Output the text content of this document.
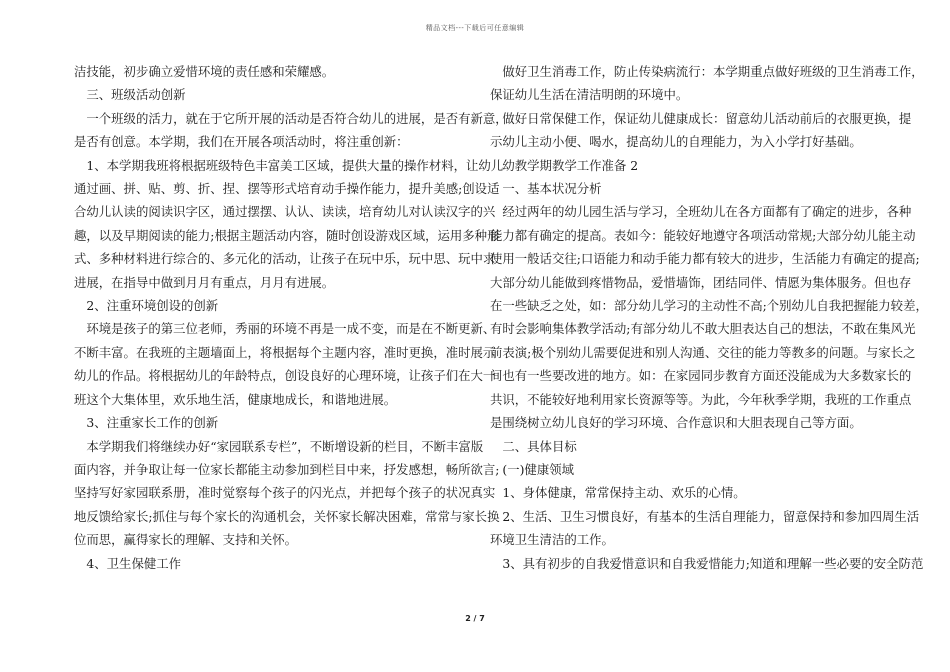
精品文档---下载后可任意编辑

洁技能，初步确立爱惜环境的责任感和荣耀感。

　三、班级活动创新

　一个班级的活力，就在于它所开展的活动是否符合幼儿的进展，是否有新意，

是否有创意。本学期，我们在开展各项活动时，将注重创新：

　1、本学期我班将根据班级特色丰富美工区域，提供大量的操作材料，让幼儿

通过画、拼、贴、剪、折、捏、摆等形式培育动手操作能力，提升美感;创设适

合幼儿认读的阅读识字区，通过摆摆、认认、读读，培育幼儿对认读汉字的兴

趣，以及早期阅读的能力;根据主题活动内容，随时创设游戏区域，运用多种形

式、多种材料进行综合的、多元化的活动，让孩子在玩中乐，玩中思、玩中求

进展，在指导中做到月月有重点，月月有进展。

　2、注重环境创设的创新

　环境是孩子的第三位老师，秀丽的环境不再是一成不变，而是在不断更新、

不断丰富。在我班的主题墙面上，将根据每个主题内容，准时更换，准时展示

幼儿的作品。将根据幼儿的年龄特点，创设良好的心理环境，让孩子们在大一

班这个大集体里，欢乐地生活，健康地成长，和谐地进展。

　3、注重家长工作的创新

　本学期我们将继续办好“家园联系专栏”，不断增设新的栏目，不断丰富版

面内容，并争取让每一位家长都能主动参加到栏目中来，抒发感想，畅所欲言;

坚持写好家园联系册，准时觉察每个孩子的闪光点，并把每个孩子的状况真实

地反馈给家长;抓住与每个家长的沟通机会，关怀家长解决困难，常常与家长换

位而思，赢得家长的理解、支持和关怀。

　4、卫生保健工作

　做好卫生消毒工作，防止传染病流行：本学期重点做好班级的卫生消毒工作，

保证幼儿生活在清洁明朗的环境中。

　做好日常保健工作，保证幼儿健康成长：留意幼儿活动前后的衣服更换，提

示幼儿主动小便、喝水，提高幼儿的自理能力，为入小学打好基础。

　幼教学期教学工作准备 2

　一、基本状况分析

　经过两年的幼儿园生活与学习，全班幼儿在各方面都有了确定的进步，各种

能力都有确定的提高。表如今：能较好地遵守各项活动常规;大部分幼儿能主动

使用一般话交往;口语能力和动手能力都有较大的进步，生活能力有确定的提高;

大部分幼儿能做到疼惜物品，爱惜墙饰，团结同伴、情愿为集体服务。但也存

在一些缺乏之处，如：部分幼儿学习的主动性不高;个别幼儿自我把握能力较差，

有时会影响集体教学活动;有部分幼儿不敢大胆表达自己的想法，不敢在集风光

前表演;极个别幼儿需要促进和别人沟通、交往的能力等教多的问题。与家长之

间也有一些要改进的地方。如：在家园同步教育方面还没能成为大多数家长的

共识，不能较好地利用家长资源等等。为此，今年秋季学期，我班的工作重点

是围绕树立幼儿良好的学习环境、合作意识和大胆表现自己等方面。

　二、具体目标

　(一)健康领域

　1、身体健康，常常保持主动、欢乐的心情。

　2、生活、卫生习惯良好，有基本的生活自理能力，留意保持和参加四周生活

环境卫生清洁的工作。

　3、具有初步的自我爱惜意识和自我爱惜能力;知道和理解一些必要的安全防范

2 / 7
